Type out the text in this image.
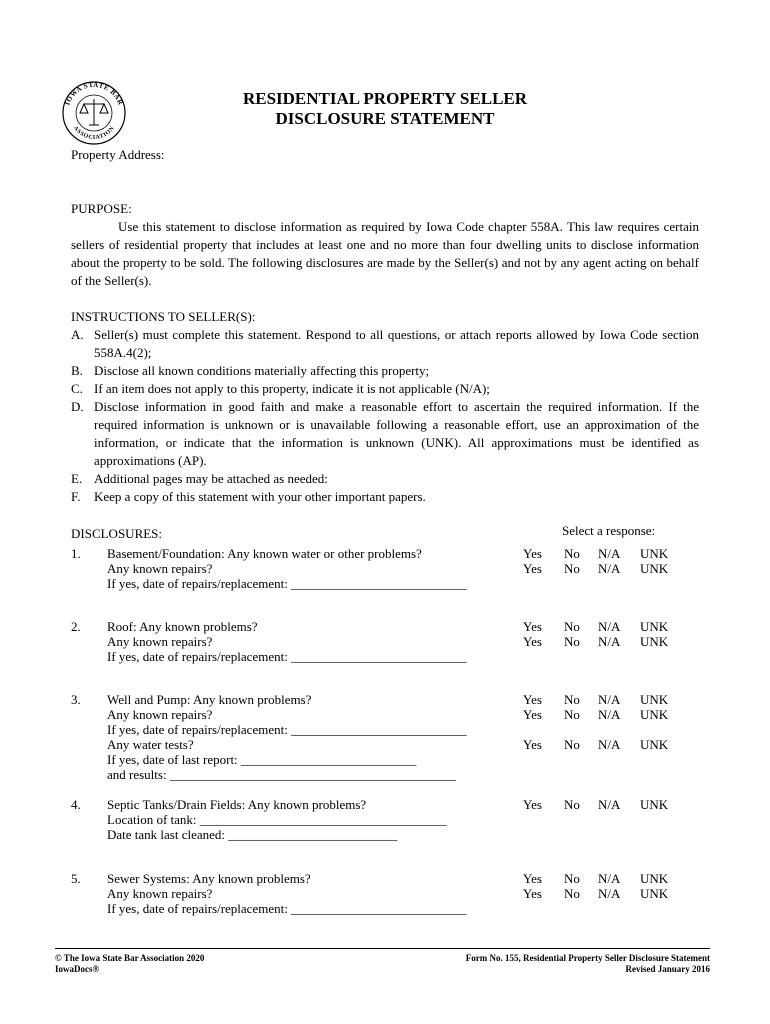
IOWA STATE BAR
ASSOCIATION
RESIDENTIAL PROPERTY SELLER
DISCLOSURE STATEMENT
Property Address:
PURPOSE:
Use this statement to disclose information as required by Iowa Code chapter 558A. This law requires certain sellers of residential property that includes at least one and no more than four dwelling units to disclose information about the property to be sold. The following disclosures are made by the Seller(s) and not by any agent acting on behalf of the Seller(s).
INSTRUCTIONS TO SELLER(S):
A. Seller(s) must complete this statement. Respond to all questions, or attach reports allowed by Iowa Code section 558A.4(2);
B. Disclose all known conditions materially affecting this property;
C. If an item does not apply to this property, indicate it is not applicable (N/A);
D. Disclose information in good faith and make a reasonable effort to ascertain the required information. If the required information is unknown or is unavailable following a reasonable effort, use an approximation of the information, or indicate that the information is unknown (UNK). All approximations must be identified as approximations (AP).
E. Additional pages may be attached as needed:
F. Keep a copy of this statement with your other important papers.
DISCLOSURES:	Select a response:
1. Basement/Foundation: Any known water or other problems?
Any known repairs?
If yes, date of repairs/replacement: ___________________________
Yes No N/A UNK
Yes No N/A UNK
2. Roof: Any known problems?
Any known repairs?
If yes, date of repairs/replacement: ___________________________
Yes No N/A UNK
Yes No N/A UNK
3. Well and Pump: Any known problems?
Any known repairs?
If yes, date of repairs/replacement: ___________________________
Any water tests?
If yes, date of last report: ___________________________
and results: ____________________________________________
Yes No N/A UNK
Yes No N/A UNK
Yes No N/A UNK
4. Septic Tanks/Drain Fields: Any known problems?
Location of tank: ______________________________________
Date tank last cleaned: __________________________
Yes No N/A UNK
5. Sewer Systems: Any known problems?
Any known repairs?
If yes, date of repairs/replacement: ___________________________
Yes No N/A UNK
Yes No N/A UNK
© The Iowa State Bar Association 2020
IowaDocs®
Form No. 155, Residential Property Seller Disclosure Statement
Revised January 2016
